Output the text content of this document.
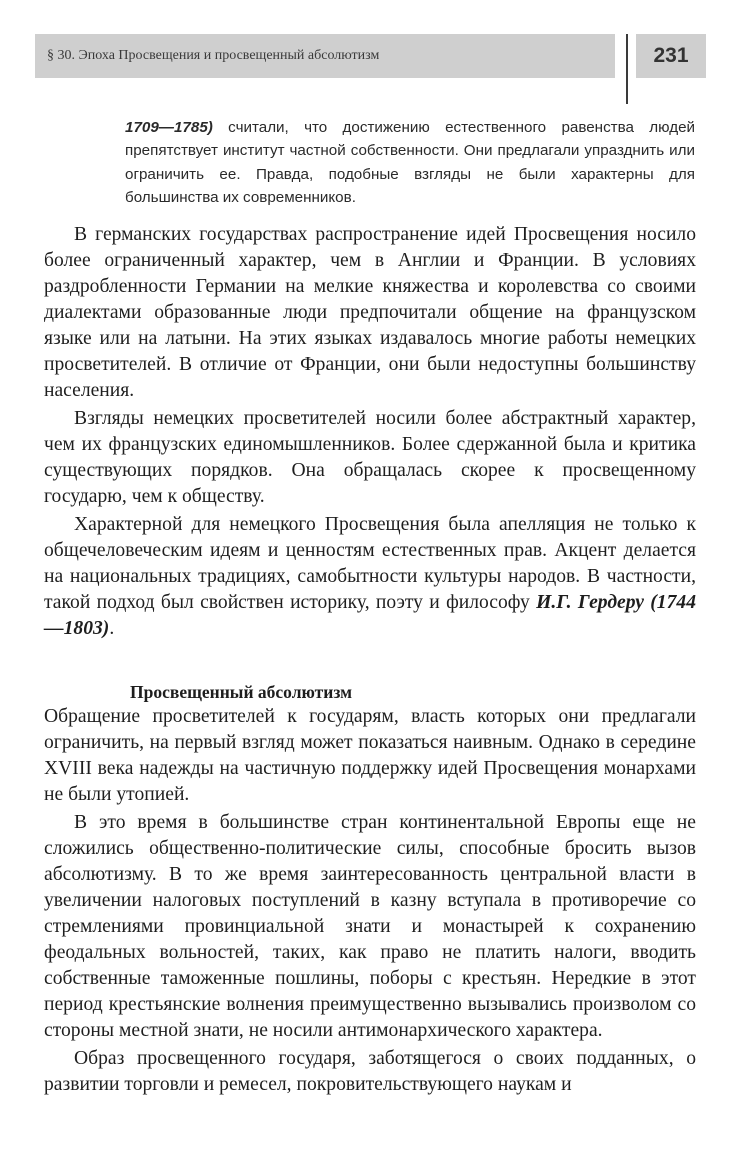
§ 30. Эпоха Просвещения и просвещенный абсолютизм	231
1709—1785) считали, что достижению естественного равенства людей препятствует институт частной собственности. Они предлагали упразднить или ограничить ее. Правда, подобные взгляды не были характерны для большинства их современников.

В германских государствах распространение идей Просвещения носило более ограниченный характер, чем в Англии и Франции. В условиях раздробленности Германии на мелкие княжества и королевства со своими диалектами образованные люди предпочитали общение на французском языке или на латыни. На этих языках издавалось многие работы немецких просветителей. В отличие от Франции, они были недоступны большинству населения.

Взгляды немецких просветителей носили более абстрактный характер, чем их французских единомышленников. Более сдержанной была и критика существующих порядков. Она обращалась скорее к просвещенному государю, чем к обществу.

Характерной для немецкого Просвещения была апелляция не только к общечеловеческим идеям и ценностям естественных прав. Акцент делается на национальных традициях, самобытности культуры народов. В частности, такой подход был свойствен историку, поэту и философу И.Г. Гердеру (1744—1803).

Просвещенный абсолютизм

Обращение просветителей к государям, власть которых они предлагали ограничить, на первый взгляд может показаться наивным. Однако в середине XVIII века надежды на частичную поддержку идей Просвещения монархами не были утопией.

В это время в большинстве стран континентальной Европы еще не сложились общественно-политические силы, способные бросить вызов абсолютизму. В то же время заинтересованность центральной власти в увеличении налоговых поступлений в казну вступала в противоречие со стремлениями провинциальной знати и монастырей к сохранению феодальных вольностей, таких, как право не платить налоги, вводить собственные таможенные пошлины, поборы с крестьян. Нередкие в этот период крестьянские волнения преимущественно вызывались произволом со стороны местной знати, не носили антимонархического характера.

Образ просвещенного государя, заботящегося о своих подданных, о развитии торговли и ремесел, покровительствующего наукам и
